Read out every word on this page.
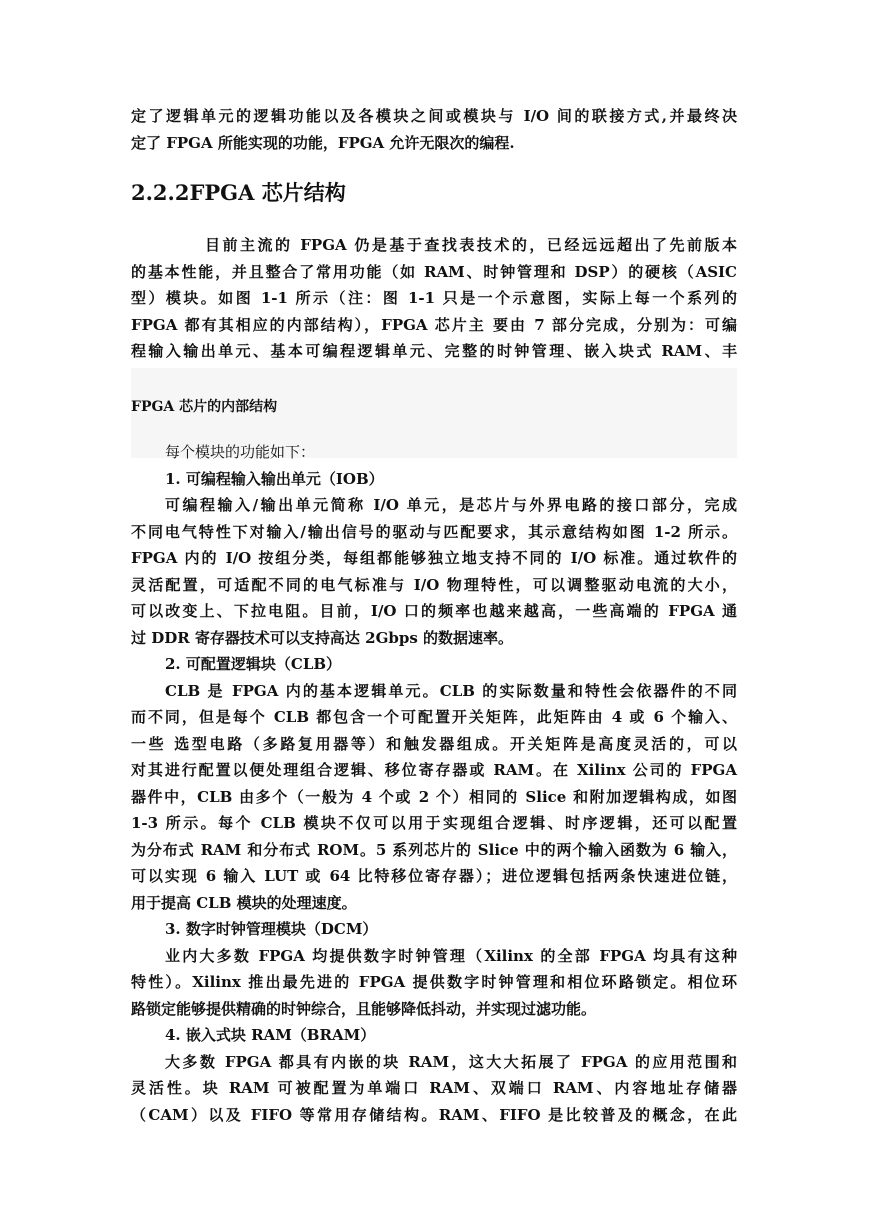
定了逻辑单元的逻辑功能以及各模块之间或模块与 I/O 间的联接方式,并最终决
定了 FPGA 所能实现的功能，FPGA 允许无限次的编程.

2.2.2FPGA 芯片结构

目前主流的 FPGA 仍是基于查找表技术的，已经远远超出了先前版本
的基本性能，并且整合了常用功能（如 RAM、时钟管理和 DSP）的硬核（ASIC
型）模块。如图 1-1 所示（注：图 1-1 只是一个示意图，实际上每一个系列的
FPGA 都有其相应的内部结构），FPGA 芯片主 要由 7 部分完成，分别为：可编
程输入输出单元、基本可编程逻辑单元、完整的时钟管理、嵌入块式 RAM、丰

FPGA 芯片的内部结构

每个模块的功能如下：
1. 可编程输入输出单元（IOB）
可编程输入/输出单元简称 I/O 单元，是芯片与外界电路的接口部分，完成
不同电气特性下对输入/输出信号的驱动与匹配要求，其示意结构如图 1-2 所示。
FPGA 内的 I/O 按组分类，每组都能够独立地支持不同的 I/O 标准。通过软件的
灵活配置，可适配不同的电气标准与 I/O 物理特性，可以调整驱动电流的大小，
可以改变上、下拉电阻。目前，I/O 口的频率也越来越高，一些高端的 FPGA 通
过 DDR 寄存器技术可以支持高达 2Gbps 的数据速率。
2. 可配置逻辑块（CLB）
CLB 是 FPGA 内的基本逻辑单元。CLB 的实际数量和特性会依器件的不同
而不同，但是每个 CLB 都包含一个可配置开关矩阵，此矩阵由 4 或 6 个输入、
一些 选型电路（多路复用器等）和触发器组成。开关矩阵是高度灵活的，可以
对其进行配置以便处理组合逻辑、移位寄存器或 RAM。在 Xilinx 公司的 FPGA
器件中，CLB 由多个（一般为 4 个或 2 个）相同的 Slice 和附加逻辑构成，如图
1-3 所示。每个 CLB 模块不仅可以用于实现组合逻辑、时序逻辑，还可以配置
为分布式 RAM 和分布式 ROM。5 系列芯片的 Slice 中的两个输入函数为 6 输入，
可以实现 6 输入 LUT 或 64 比特移位寄存器）；进位逻辑包括两条快速进位链，
用于提高 CLB 模块的处理速度。
3. 数字时钟管理模块（DCM）
业内大多数 FPGA 均提供数字时钟管理（Xilinx 的全部 FPGA 均具有这种
特性）。Xilinx 推出最先进的 FPGA 提供数字时钟管理和相位环路锁定。相位环
路锁定能够提供精确的时钟综合，且能够降低抖动，并实现过滤功能。
4. 嵌入式块 RAM（BRAM）
大多数 FPGA 都具有内嵌的块 RAM，这大大拓展了 FPGA 的应用范围和
灵活性。块 RAM 可被配置为单端口 RAM、双端口 RAM、内容地址存储器
（CAM）以及 FIFO 等常用存储结构。RAM、FIFO 是比较普及的概念，在此
